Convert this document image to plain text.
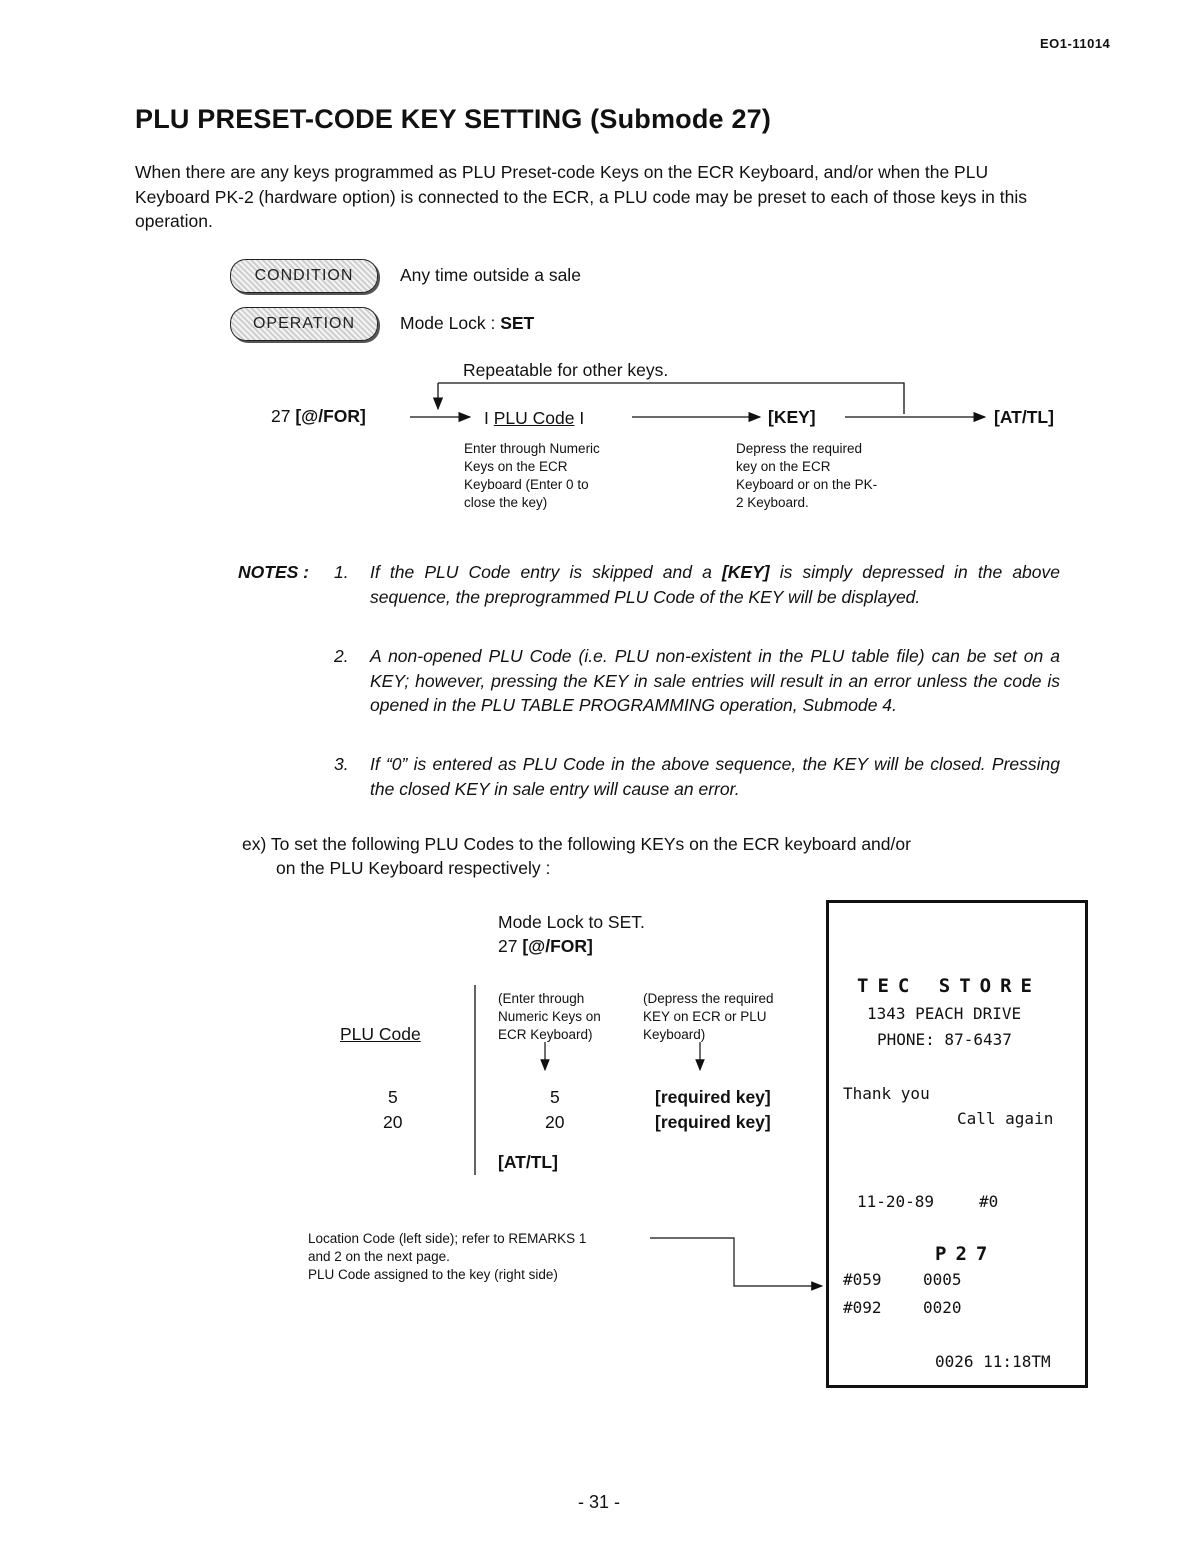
EO1-11014
PLU PRESET-CODE KEY SETTING (Submode 27)
When there are any keys programmed as PLU Preset-code Keys on the ECR Keyboard, and/or when the PLU Keyboard PK-2 (hardware option) is connected to the ECR, a PLU code may be preset to each of those keys in this operation.
CONDITION	Any time outside a sale
OPERATION	Mode Lock : SET
Repeatable for other keys.
27 [@/FOR]	I PLU Code I	[KEY]	[AT/TL]
Enter through Numeric
Keys on the ECR
Keyboard (Enter 0 to
close the key)
Depress the required
key on the ECR
Keyboard or on the PK-
2 Keyboard.
NOTES : 1. If the PLU Code entry is skipped and a [KEY] is simply depressed in the above sequence, the preprogrammed PLU Code of the KEY will be displayed.
2. A non-opened PLU Code (i.e. PLU non-existent in the PLU table file) can be set on a KEY; however, pressing the KEY in sale entries will result in an error unless the code is opened in the PLU TABLE PROGRAMMING operation, Submode 4.
3. If “0” is entered as PLU Code in the above sequence, the KEY will be closed. Pressing the closed KEY in sale entry will cause an error.
ex) To set the following PLU Codes to the following KEYs on the ECR keyboard and/or
on the PLU Keyboard respectively :
Mode Lock to SET.
27 [@/FOR]
(Enter through
Numeric Keys on
ECR Keyboard)
(Depress the required
KEY on ECR or PLU
Keyboard)
PLU Code
5	5	[required key]
20	20	[required key]
[AT/TL]
Location Code (left side); refer to REMARKS 1
and 2 on the next page.
PLU Code assigned to the key (right side)
TEC STORE
1343 PEACH DRIVE
PHONE: 87-6437
Thank you
Call again
11-20-89	#0
P27
#059	0005
#092	0020
0026 11:18TM
- 31 -
